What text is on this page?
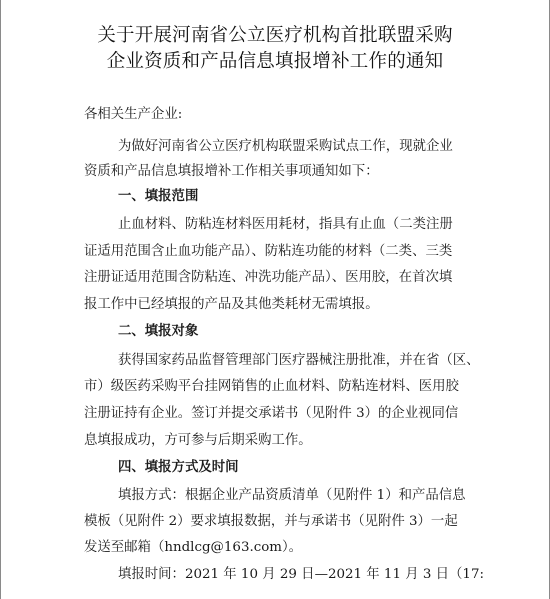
关于开展河南省公立医疗机构首批联盟采购
企业资质和产品信息填报增补工作的通知
各相关生产企业:
为做好河南省公立医疗机构联盟采购试点工作，现就企业
资质和产品信息填报增补工作相关事项通知如下：
一、填报范围
止血材料、防粘连材料医用耗材，指具有止血（二类注册
证适用范围含止血功能产品）、防粘连功能的材料（二类、三类
注册证适用范围含防粘连、冲洗功能产品）、医用胶，在首次填
报工作中已经填报的产品及其他类耗材无需填报。
二、填报对象
获得国家药品监督管理部门医疗器械注册批准，并在省（区、
市）级医药采购平台挂网销售的止血材料、防粘连材料、医用胶
注册证持有企业。签订并提交承诺书（见附件 3）的企业视同信
息填报成功，方可参与后期采购工作。
四、填报方式及时间
填报方式：根据企业产品资质清单（见附件 1）和产品信息
模板（见附件 2）要求填报数据，并与承诺书（见附件 3）一起
发送至邮箱（hndlcg@163.com）。
填报时间：2021 年 10 月 29 日—2021 年 11 月 3 日（17:
